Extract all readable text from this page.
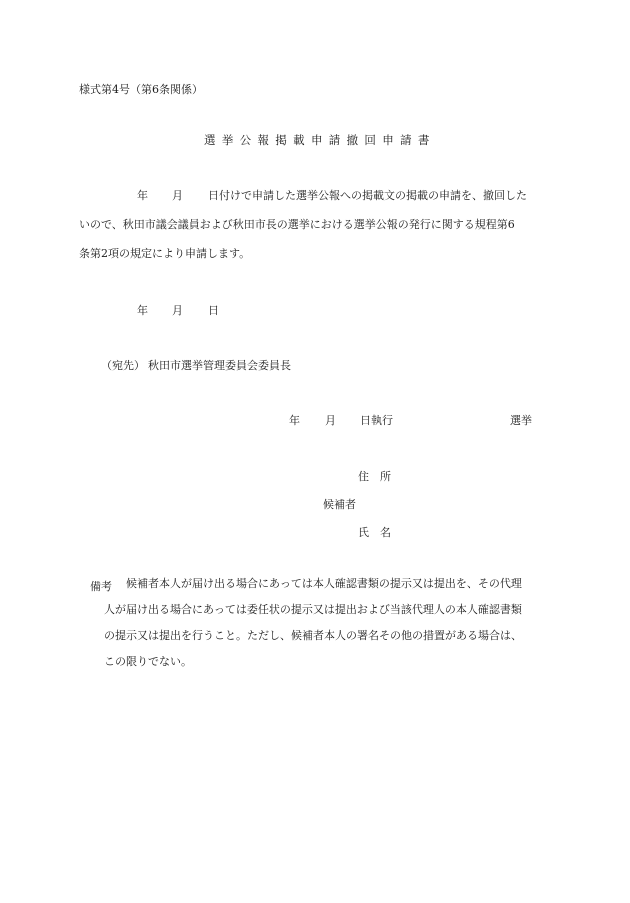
様式第4号（第6条関係）
選挙公報掲載申請撤回申請書
年 月 日付けで申請した選挙公報への掲載文の掲載の申請を、撤回した
いので、秋田市議会議員および秋田市長の選挙における選挙公報の発行に関する規程第6
条第2項の規定により申請します。
年 月 日
（宛先） 秋田市選挙管理委員会委員長
年 月 日執行	選挙
住　所
候補者
氏　名
備考 候補者本人が届け出る場合にあっては本人確認書類の提示又は提出を、その代理
人が届け出る場合にあっては委任状の提示又は提出および当該代理人の本人確認書類
の提示又は提出を行うこと。ただし、候補者本人の署名その他の措置がある場合は、
この限りでない。
